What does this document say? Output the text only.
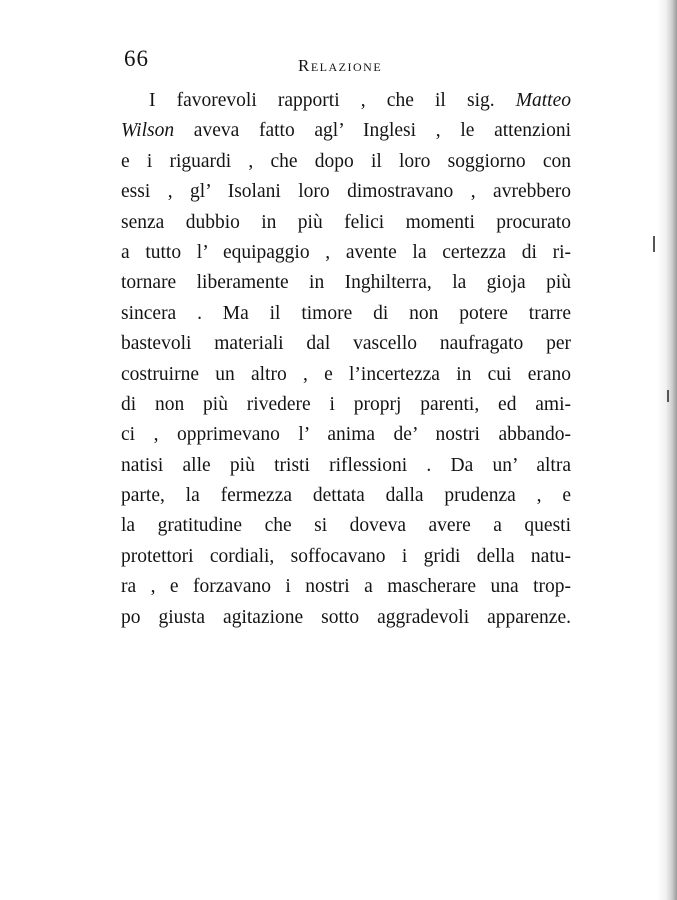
66	Relazione
I favorevoli rapporti , che il sig. Matteo
Wilson aveva fatto agl’ Inglesi , le attenzioni
e i riguardi , che dopo il loro soggiorno con
essi , gl’ Isolani loro dimostravano , avrebbero
senza dubbio in più felici momenti procurato
a tutto l’ equipaggio , avente la certezza di ri-
tornare liberamente in Inghilterra, la gioja più
sincera . Ma il timore di non potere trarre
bastevoli materiali dal vascello naufragato per
costruirne un altro , e l’incertezza in cui erano
di non più rivedere i proprj parenti, ed ami-
ci , opprimevano l’ anima de’ nostri abbando-
natisi alle più tristi riflessioni . Da un’ altra
parte, la fermezza dettata dalla prudenza , e
la gratitudine che si doveva avere a questi
protettori cordiali, soffocavano i gridi della natu-
ra , e forzavano i nostri a mascherare una trop-
po giusta agitazione sotto aggradevoli apparenze.
